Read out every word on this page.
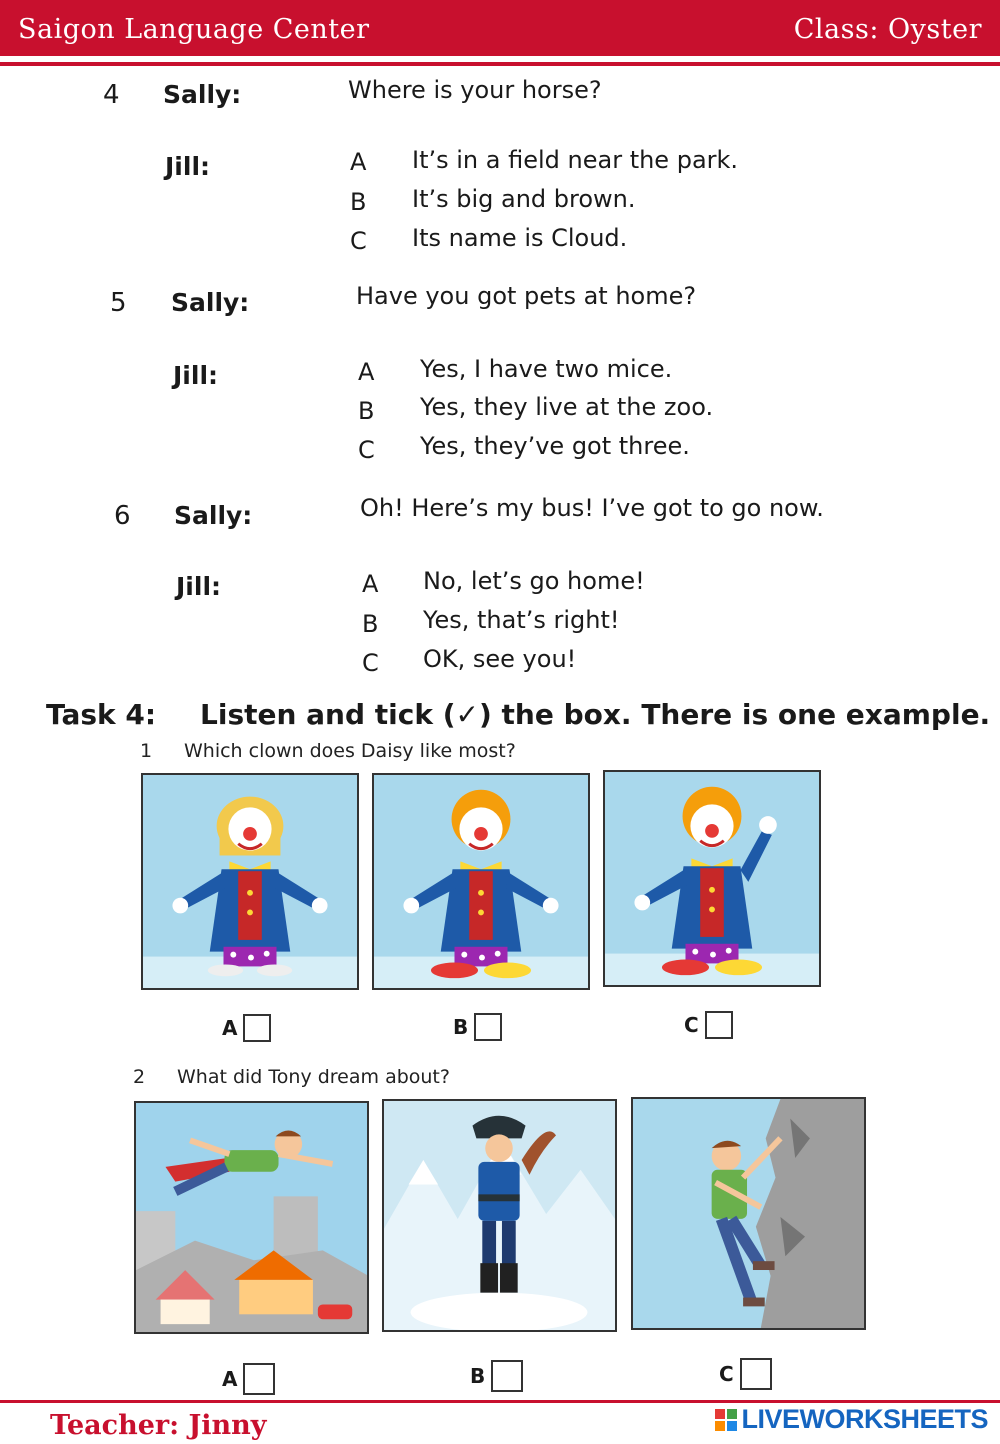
Saigon Language Center	Class: Oyster
4 Sally:	Where is your horse?
Jill:	A It’s in a field near the park.
B It’s big and brown.
C Its name is Cloud.
5 Sally:	Have you got pets at home?
Jill:	A Yes, I have two mice.
B Yes, they live at the zoo.
C Yes, they’ve got three.
6 Sally:	Oh! Here’s my bus! I’ve got to go now.
Jill:	A No, let’s go home!
B Yes, that’s right!
C OK, see you!
Task 4: Listen and tick (✓) the box. There is one example.
1 Which clown does Daisy like most?
A	B	C
2 What did Tony dream about?
A	B	C
Teacher: Jinny	LIVEWORKSHEETS
